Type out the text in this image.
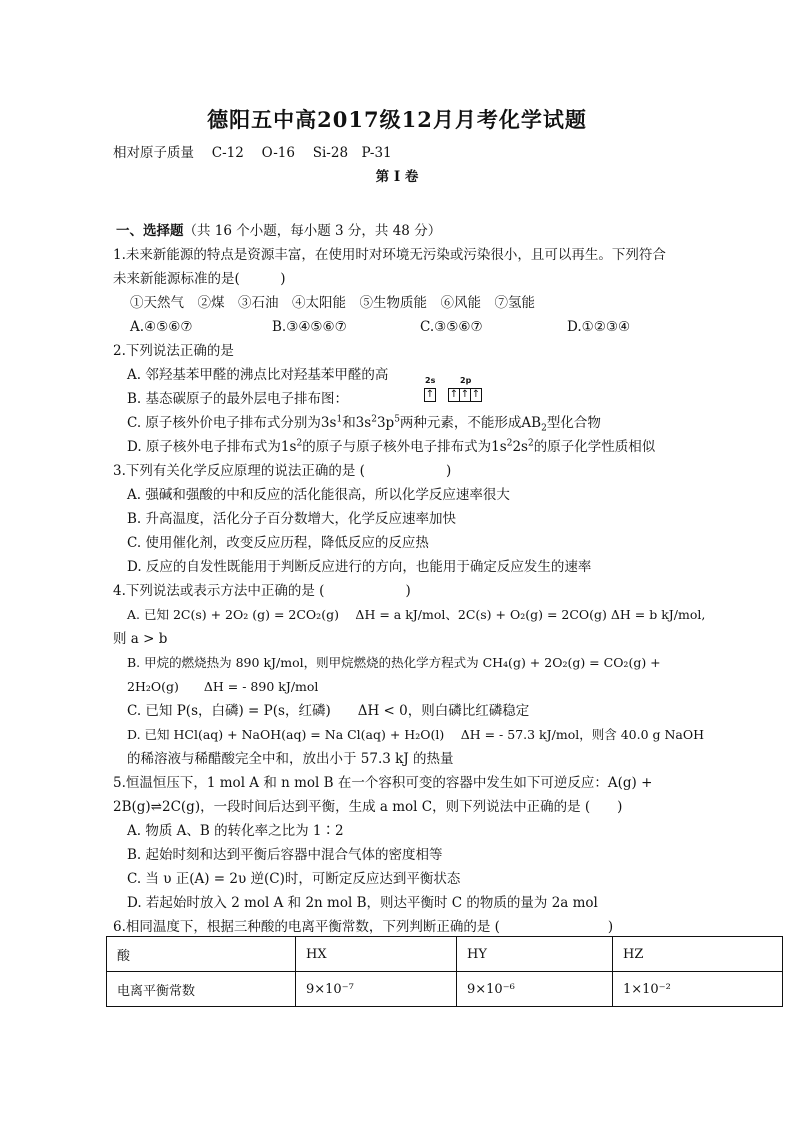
德阳五中高2017级12月月考化学试题
相对原子质量　 C-12　 O-16　 Si-28　P-31
第 I 卷
一、选择题（共 16 个小题，每小题 3 分，共 48 分）
1.未来新能源的特点是资源丰富，在使用时对环境无污染或污染很小，且可以再生。下列符合
未来新能源标准的是(　　　)
①天然气　②煤　③石油　④太阳能　⑤生物质能　⑥风能　⑦氢能
A.④⑤⑥⑦	B.③④⑤⑥⑦	C.③⑤⑥⑦	D.①②③④
2.下列说法正确的是
A. 邻羟基苯甲醛的沸点比对羟基苯甲醛的高
B. 基态碳原子的最外层电子排布图：
2s	2p
↑ ↑ ↑ ↑
C. 原子核外价电子排布式分别为$3s^1$和$3s^23p^5$两种元素，不能形成$AB_2$型化合物
D. 原子核外电子排布式为$1s^2$的原子与原子核外电子排布式为$1s^22s^2$的原子化学性质相似
3.下列有关化学反应原理的说法正确的是 (　　　　　　)
A. 强碱和强酸的中和反应的活化能很高，所以化学反应速率很大
B. 升高温度，活化分子百分数增大，化学反应速率加快
C. 使用催化剂，改变反应历程，降低反应的反应热
D. 反应的自发性既能用于判断反应进行的方向，也能用于确定反应发生的速率
4.下列说法或表示方法中正确的是 (　　　　　　)
A. 已知 2C(s) + 2O₂ (g) = 2CO₂(g)　 ΔH = a kJ/mol、2C(s) + O₂(g) = 2CO(g) ΔH = b kJ/mol,
则 a > b
B. 甲烷的燃烧热为 890 kJ/mol，则甲烷燃烧的热化学方程式为 CH₄(g) + 2O₂(g) = CO₂(g) +
2H₂O(g)　　ΔH = - 890 kJ/mol
C. 已知 P(s，白磷) = P(s，红磷)　　ΔH < 0，则白磷比红磷稳定
D. 已知 HCl(aq) + NaOH(aq) = Na Cl(aq) + H₂O(l)　 ΔH = - 57.3 kJ/mol，则含 40.0 g NaOH
的稀溶液与稀醋酸完全中和，放出小于 57.3 kJ 的热量
5.恒温恒压下，1 mol A 和 n mol B 在一个容积可变的容器中发生如下可逆反应：A(g) +
2B(g)⇌2C(g)，一段时间后达到平衡，生成 a mol C，则下列说法中正确的是 (　　)
A. 物质 A、B 的转化率之比为 1∶2
B. 起始时刻和达到平衡后容器中混合气体的密度相等
C. 当 υ 正(A) = 2υ 逆(C)时，可断定反应达到平衡状态
D. 若起始时放入 2 mol A 和 2n mol B，则达平衡时 C 的物质的量为 2a mol
6.相同温度下，根据三种酸的电离平衡常数，下列判断正确的是 (　　　　　　　　)
酸	HX	HY	HZ
电离平衡常数	9×10⁻⁷	9×10⁻⁶	1×10⁻²
